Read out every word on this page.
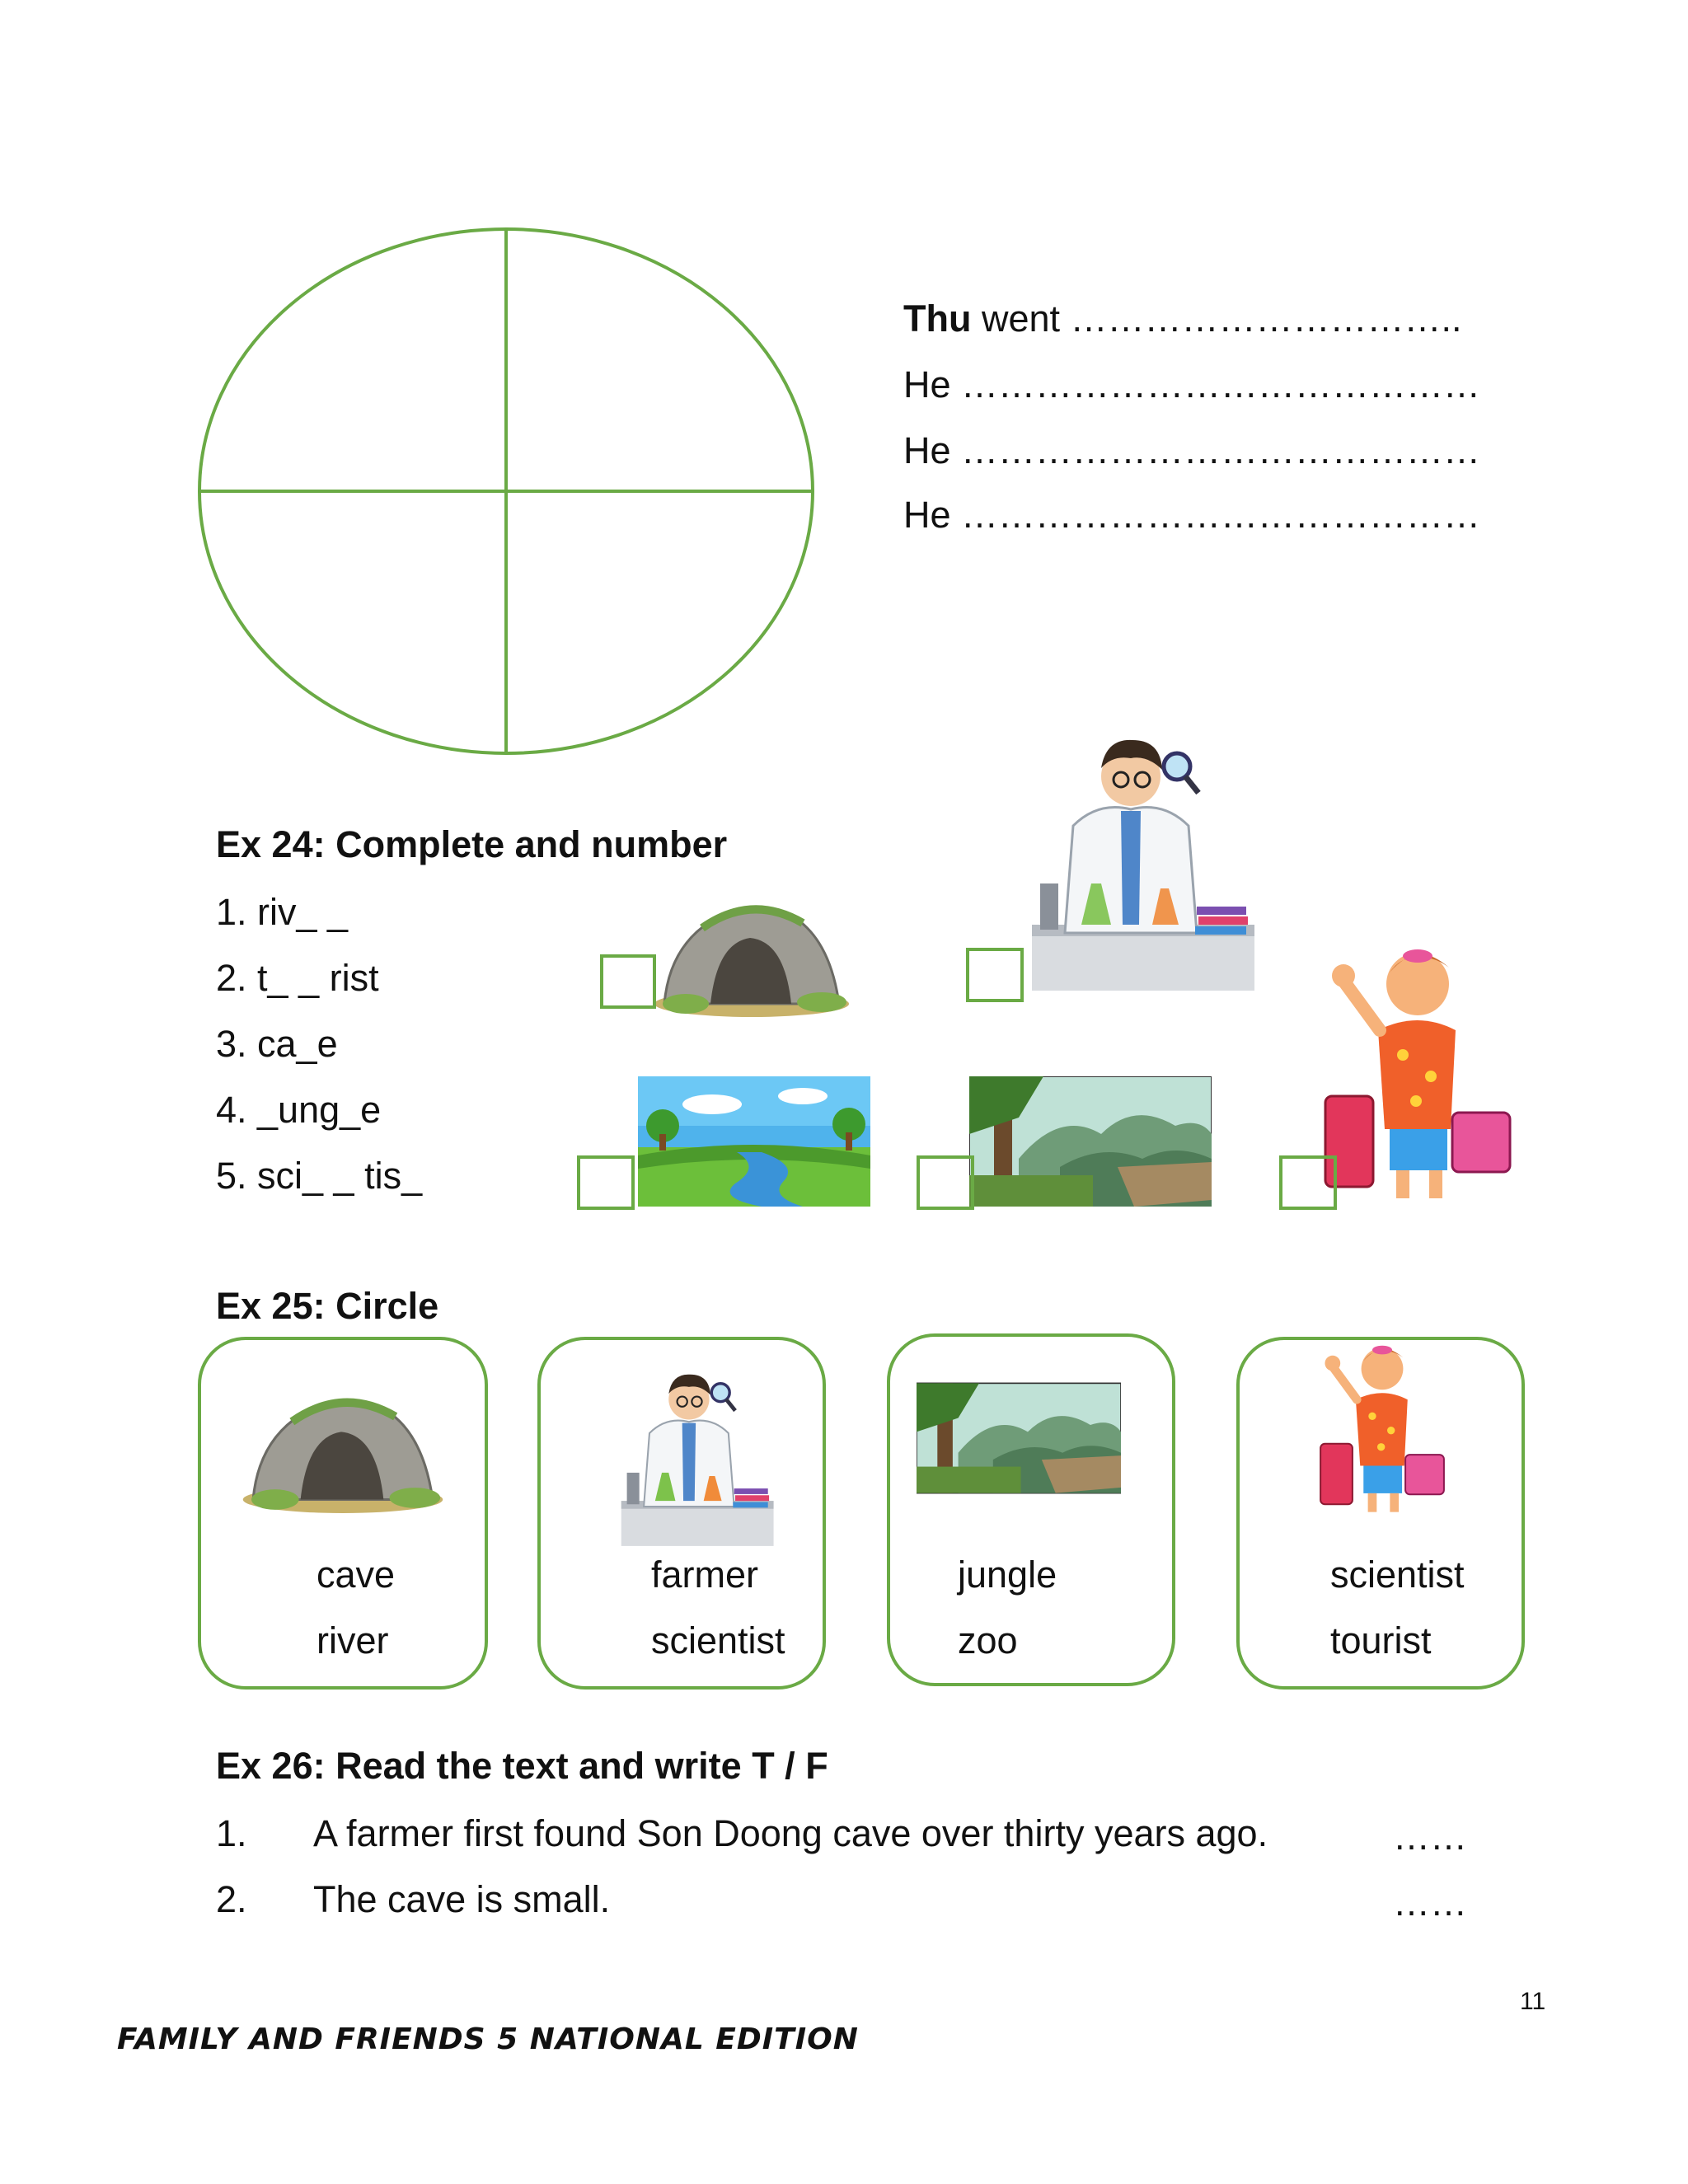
Thu went …………………………..
He ……………………………………
He ……………………………………
He ……………………………………
Ex 24: Complete and number
1. riv_ _
2. t_ _ rist
3. ca_e
4. _ung_e
5. sci_ _ tis_
Ex 25: Circle
cave
river
farmer
scientist
jungle
zoo
scientist
tourist
Ex 26: Read the text and write T / F
1. A farmer first found Son Doong cave over thirty years ago.	……
2. The cave is small.	……
11
FAMILY AND FRIENDS 5 NATIONAL EDITION
